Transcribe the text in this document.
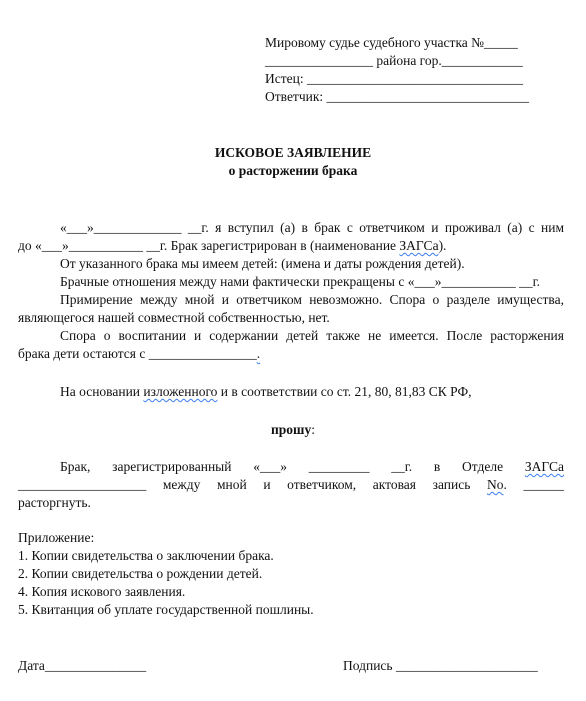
Мировому судье судебного участка №_____
________________ района гор.____________
Истец: ________________________________
Ответчик: ______________________________
ИСКОВОЕ ЗАЯВЛЕНИЕ
о расторжении брака
«___»_____________ __г. я вступил (а) в брак с ответчиком и проживал (а) с ним
до «___»___________ __г. Брак зарегистрирован в (наименование ЗАГСа).
От указанного брака мы имеем детей: (имена и даты рождения детей).
Брачные отношения между нами фактически прекращены с «___»___________ __г.
Примирение между мной и ответчиком невозможно. Спора о разделе имущества,
являющегося нашей совместной собственностью, нет.
Спора о воспитании и содержании детей также не имеется. После расторжения
брака дети остаются с ________________.
На основании изложенного и в соответствии со ст. 21, 80, 81,83 СК РФ,
прошу:
Брак, зарегистрированный «___» _________ __г. в Отделе ЗАГСа
___________________ между мной и ответчиком, актовая запись No. ______
расторгнуть.
Приложение:
1. Копии свидетельства о заключении брака.
2. Копии свидетельства о рождении детей.
4. Копия искового заявления.
5. Квитанция об уплате государственной пошлины.
Дата_______________	Подпись _____________________
